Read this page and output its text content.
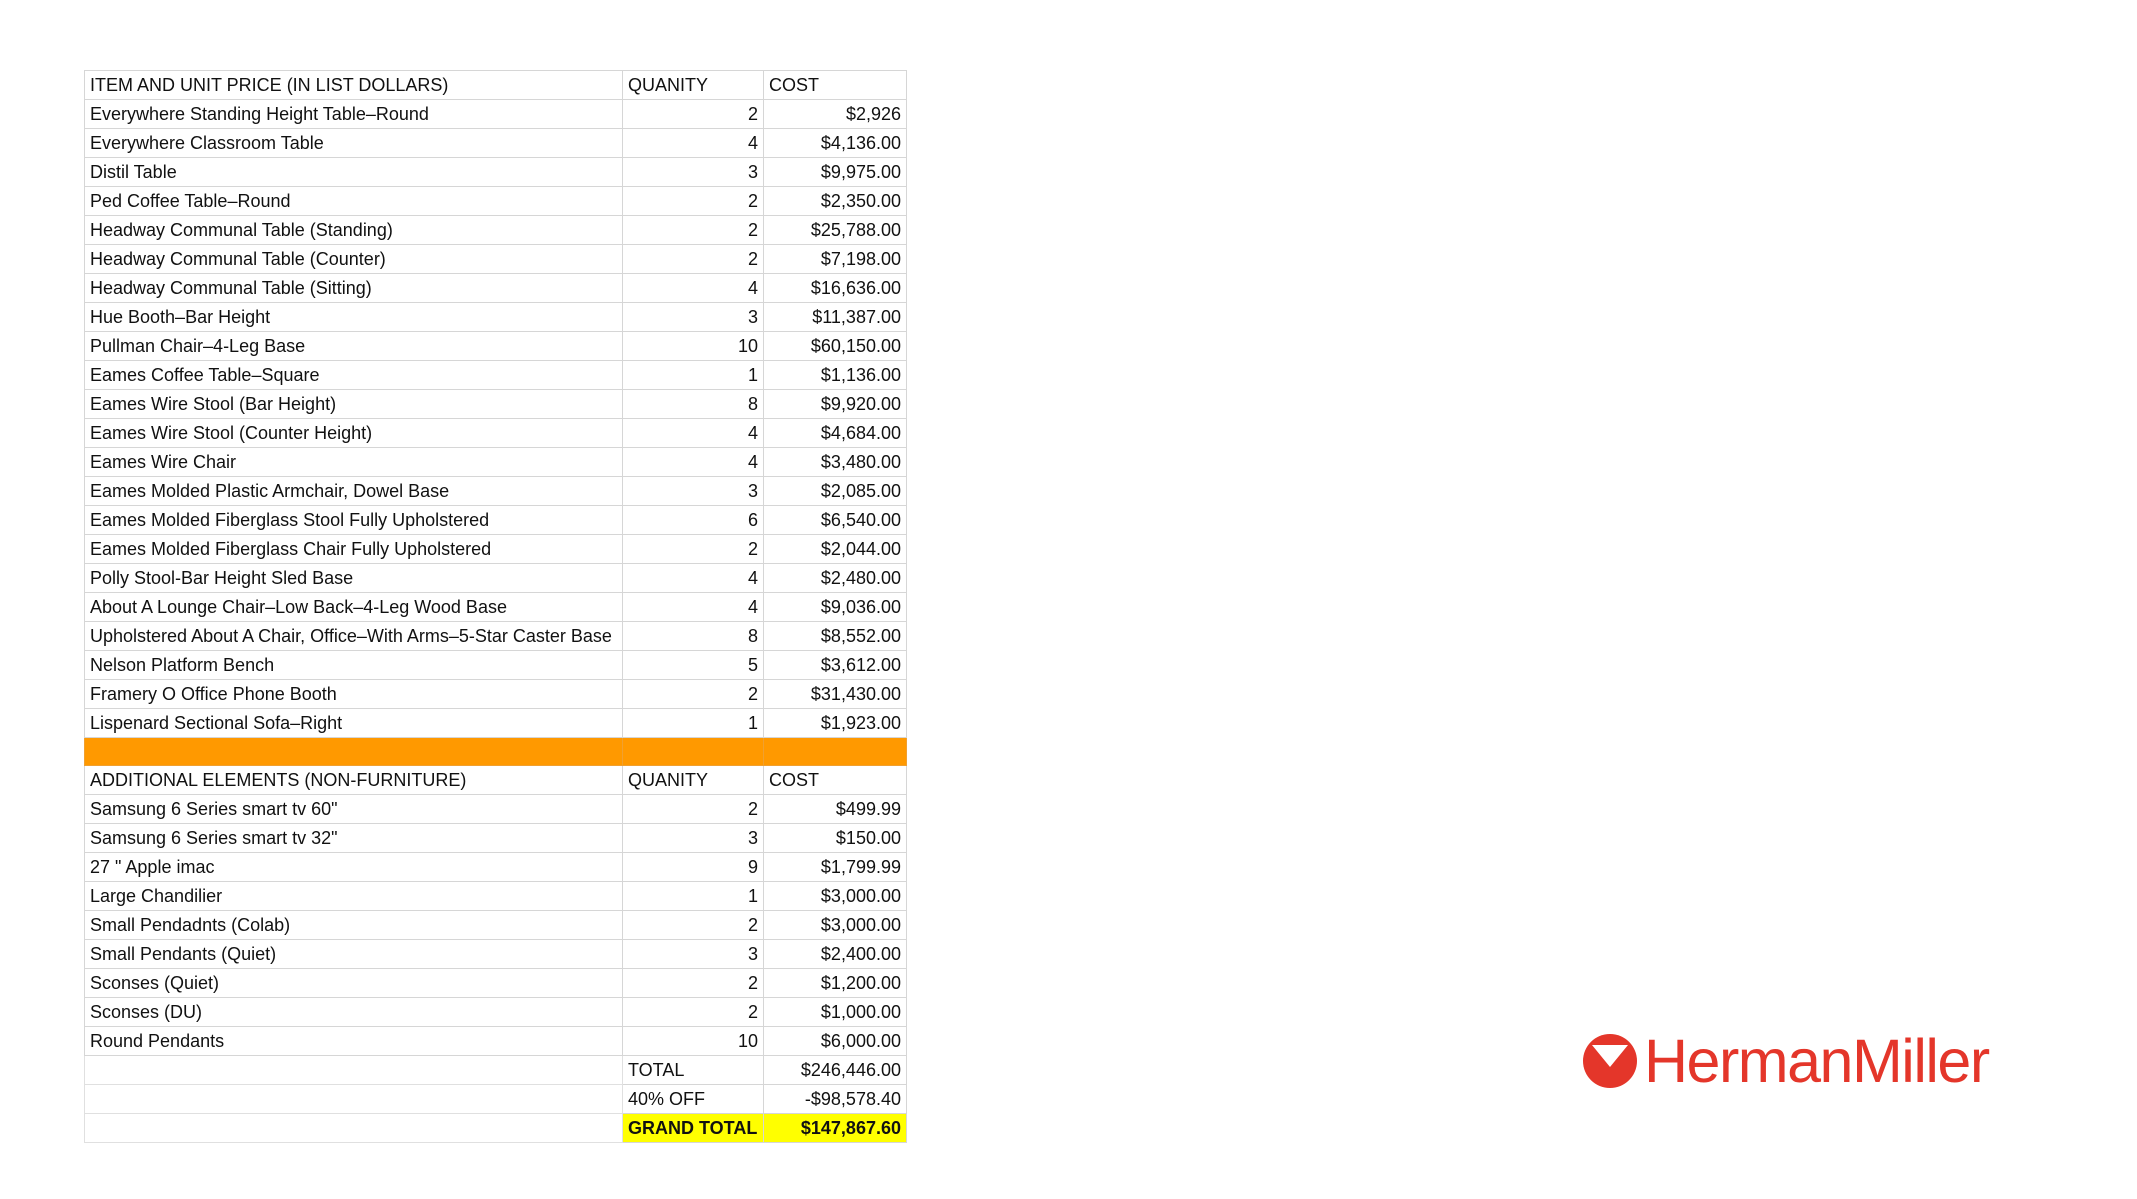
ITEM AND UNIT PRICE (IN LIST DOLLARS)	QUANITY	COST
Everywhere Standing Height Table–Round	2	$2,926
Everywhere Classroom Table	4	$4,136.00
Distil Table	3	$9,975.00
Ped Coffee Table–Round	2	$2,350.00
Headway Communal Table (Standing)	2	$25,788.00
Headway Communal Table (Counter)	2	$7,198.00
Headway Communal Table (Sitting)	4	$16,636.00
Hue Booth–Bar Height	3	$11,387.00
Pullman Chair–4-Leg Base	10	$60,150.00
Eames Coffee Table–Square	1	$1,136.00
Eames Wire Stool (Bar Height)	8	$9,920.00
Eames Wire Stool (Counter Height)	4	$4,684.00
Eames Wire Chair	4	$3,480.00
Eames Molded Plastic Armchair, Dowel Base	3	$2,085.00
Eames Molded Fiberglass Stool Fully Upholstered	6	$6,540.00
Eames Molded Fiberglass Chair Fully Upholstered	2	$2,044.00
Polly Stool-Bar Height Sled Base	4	$2,480.00
About A Lounge Chair–Low Back–4-Leg Wood Base	4	$9,036.00
Upholstered About A Chair, Office–With Arms–5-Star Caster Base	8	$8,552.00
Nelson Platform Bench	5	$3,612.00
Framery O Office Phone Booth	2	$31,430.00
Lispenard Sectional Sofa–Right	1	$1,923.00

ADDITIONAL ELEMENTS (NON-FURNITURE)	QUANITY	COST
Samsung 6 Series smart tv 60"	2	$499.99
Samsung 6 Series smart tv 32"	3	$150.00
27 " Apple imac	9	$1,799.99
Large Chandilier	1	$3,000.00
Small Pendadnts (Colab)	2	$3,000.00
Small Pendants (Quiet)	3	$2,400.00
Sconses (Quiet)	2	$1,200.00
Sconses (DU)	2	$1,000.00
Round Pendants	10	$6,000.00
	TOTAL	$246,446.00
	40% OFF	-$98,578.40
	GRAND TOTAL	$147,867.60
HermanMiller
